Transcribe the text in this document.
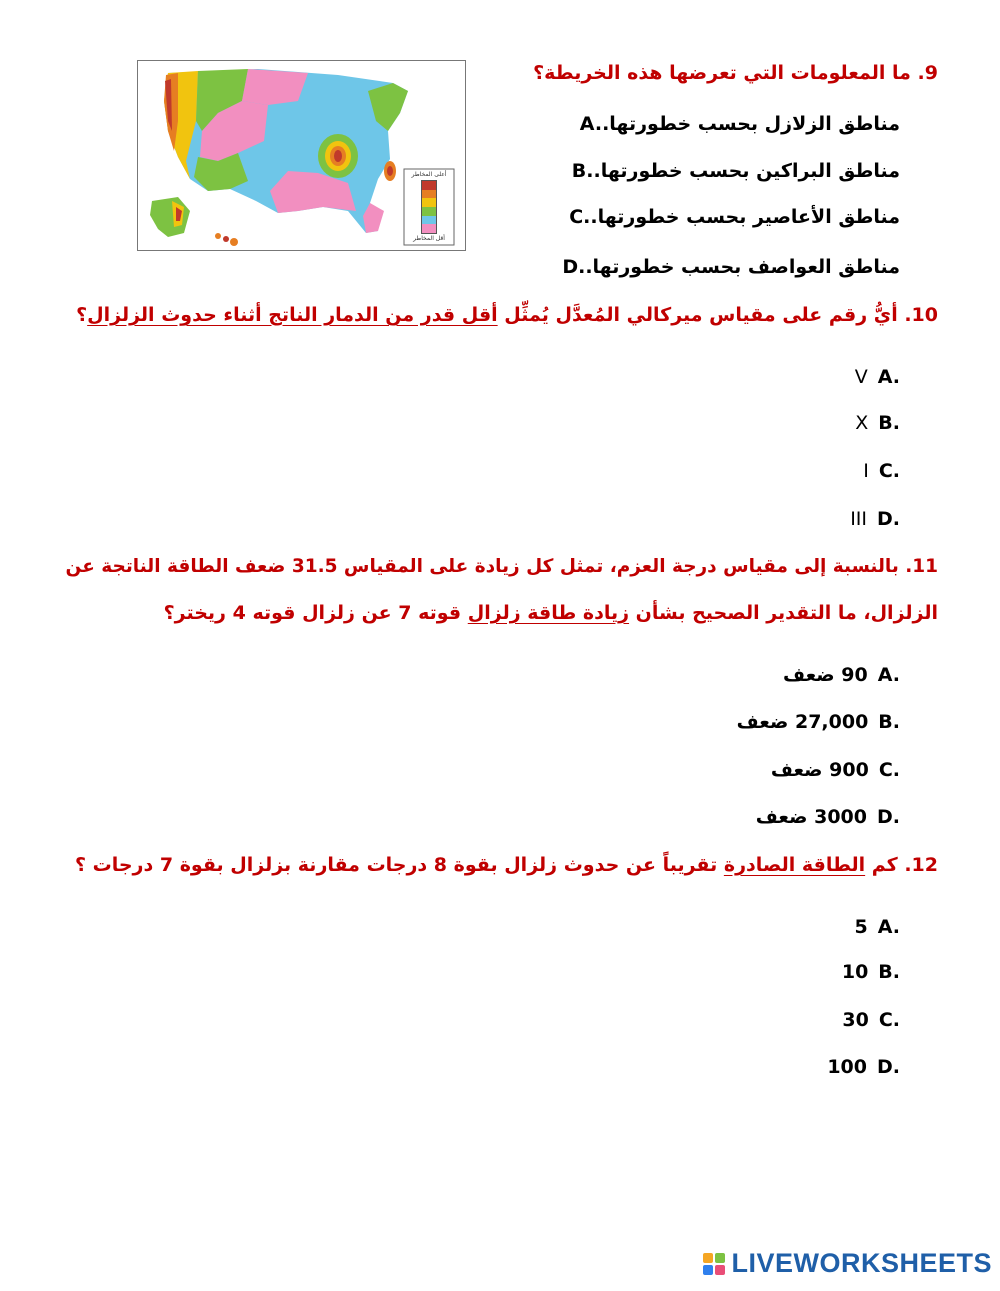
أعلى المخاطر
أقل المخاطر
9. ما المعلومات التي تعرضها هذه الخريطة؟
A.مناطق الزلازل بحسب خطورتها.
B.مناطق البراكين بحسب خطورتها.
C.مناطق الأعاصير بحسب خطورتها.
D.مناطق العواصف بحسب خطورتها.
10. أيُّ رقم على مقياس ميركالي المُعدَّل يُمثِّل أقل قدر من الدمار الناتج أثناء حدوث الزلزال؟
V A.
X B.
I C.
III D.
11. بالنسبة إلى مقياس درجة العزم، تمثل كل زيادة على المقياس 31.5 ضعف الطاقة الناتجة عن
الزلزال، ما التقدير الصحيح بشأن زيادة طاقة زلزال قوته 7 عن زلزال قوته 4 ريختر؟
90 ضعف A.
27,000 ضعف B.
900 ضعف C.
3000 ضعف D.
12. كم الطاقة الصادرة تقريباً عن حدوث زلزال بقوة 8 درجات مقارنة بزلزال بقوة 7 درجات ؟
5 A.
10 B.
30 C.
100 D.
LIVEWORKSHEETS
